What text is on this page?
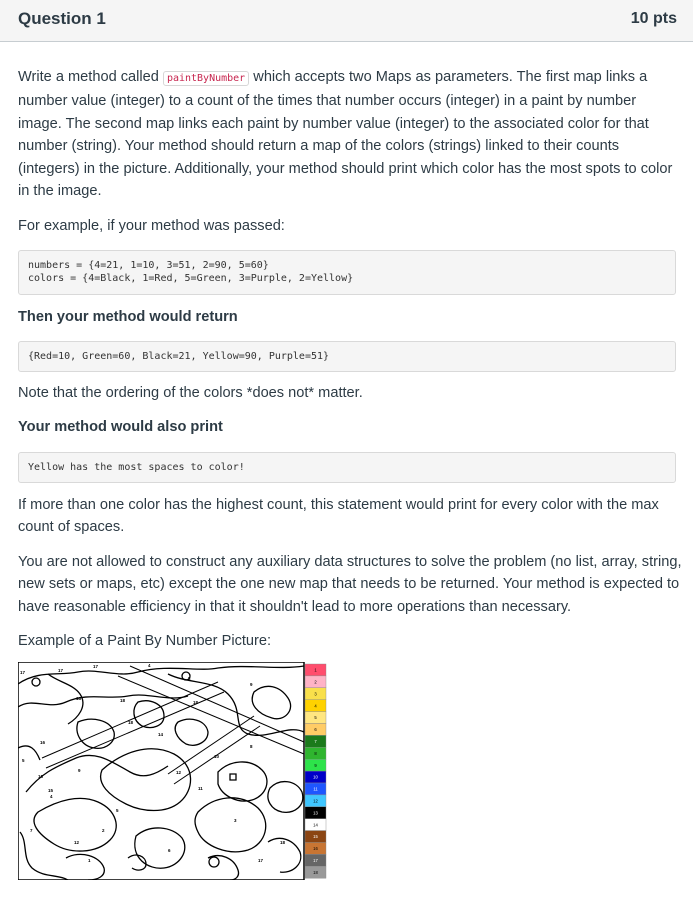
Question 1	10 pts

Write a method called paintByNumber which accepts two Maps as parameters. The first map links a number value (integer) to a count of the times that number occurs (integer) in a paint by number image. The second map links each paint by number value (integer) to the associated color for that number (string). Your method should return a map of the colors (strings) linked to their counts (integers) in the picture. Additionally, your method should print which color has the most spots to color in the image.

For example, if your method was passed:

numbers = {4=21, 1=10, 3=51, 2=90, 5=60}
colors = {4=Black, 1=Red, 5=Green, 3=Purple, 2=Yellow}

Then your method would return

{Red=10, Green=60, Black=21, Yellow=90, Purple=51}

Note that the ordering of the colors *does not* matter.

Your method would also print

Yellow has the most spaces to color!

If more than one color has the highest count, this statement would print for every color with the max count of spaces.

You are not allowed to construct any auxiliary data structures to solve the problem (no list, array, string, new sets or maps, etc) except the one new map that needs to be returned. Your method is expected to have reasonable efficiency in that it shouldn't lead to more operations than necessary.

Example of a Paint By Number Picture:

17	17
17
8
4
9
18	18	18
18
16
5
9
15
16
14
8
10
12
4
5
7	2
12
17
18
11
3
6
1
1
2
3
4
5
6
7
8
9
10
11
12
13
14
15
16
17
18
